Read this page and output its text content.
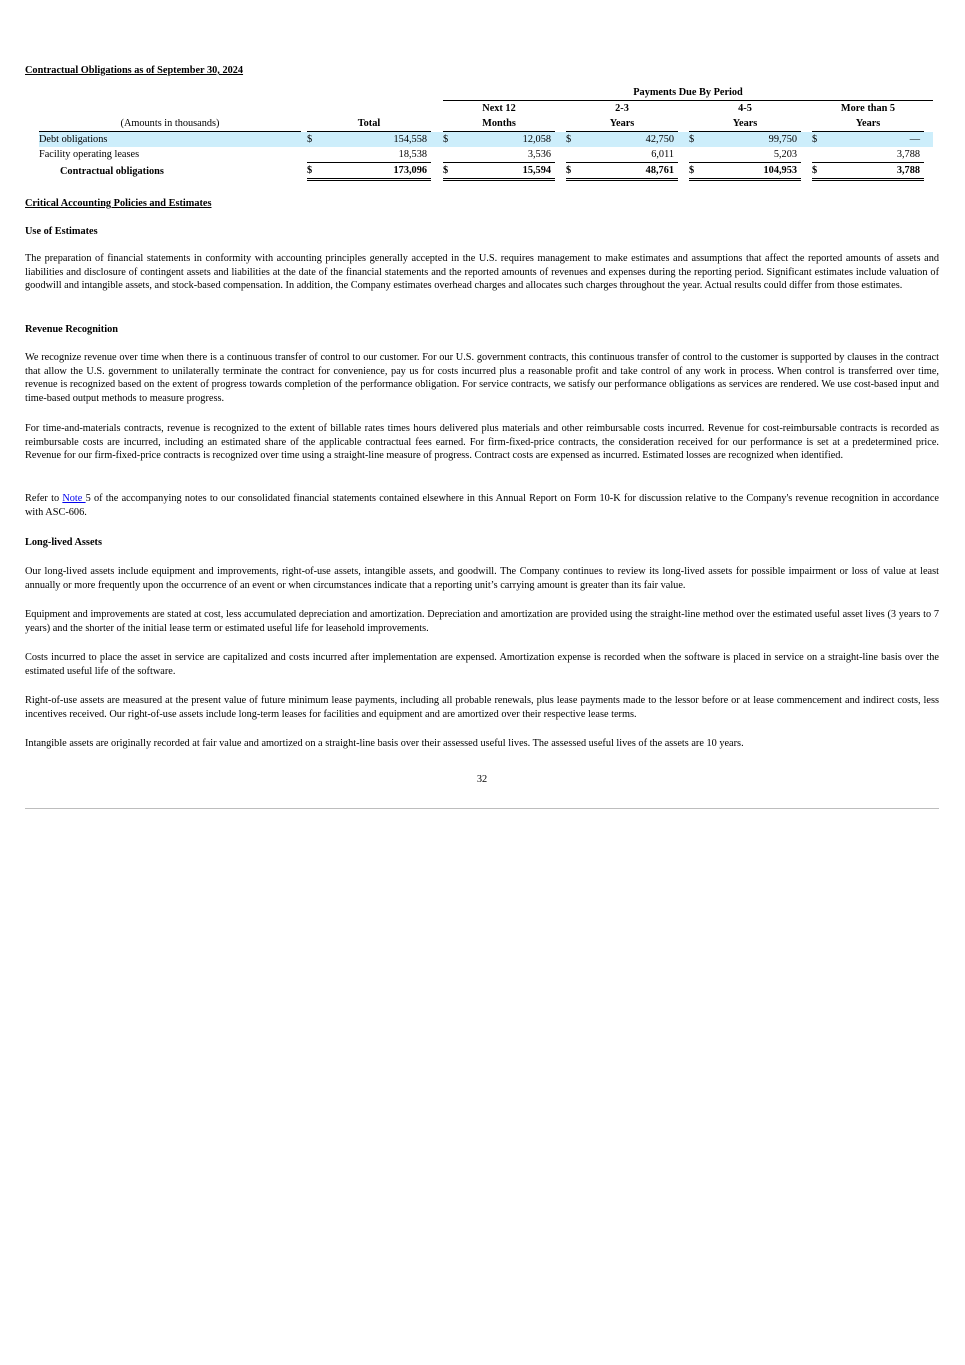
Contractual Obligations as of September 30, 2024
					Payments Due By Period											
					Next 12			2-3			4-5			More than 5		
(Amounts in thousands)		Total			Months			Years			Years			Years		
Debt obligations		$	154,558		$	12,058		$	42,750		$	99,750		$	—	
Facility operating leases			18,538			3,536			6,011			5,203			3,788	
Contractual obligations		$	173,096		$	15,594		$	48,761		$	104,953		$	3,788	
Critical Accounting Policies and Estimates
Use of Estimates

The preparation of financial statements in conformity with accounting principles generally accepted in the U.S. requires management to make estimates and assumptions that affect the reported amounts of assets and liabilities and disclosure of contingent assets and liabilities at the date of the financial statements and the reported amounts of revenues and expenses during the reporting period. Significant estimates include valuation of goodwill and intangible assets, and stock-based compensation. In addition, the Company estimates overhead charges and allocates such charges throughout the year. Actual results could differ from those estimates.

Revenue Recognition

We recognize revenue over time when there is a continuous transfer of control to our customer. For our U.S. government contracts, this continuous transfer of control to the customer is supported by clauses in the contract that allow the U.S. government to unilaterally terminate the contract for convenience, pay us for costs incurred plus a reasonable profit and take control of any work in process. When control is transferred over time, revenue is recognized based on the extent of progress towards completion of the performance obligation. For service contracts, we satisfy our performance obligations as services are rendered. We use cost-based input and time-based output methods to measure progress.

For time-and-materials contracts, revenue is recognized to the extent of billable rates times hours delivered plus materials and other reimbursable costs incurred. Revenue for cost-reimbursable contracts is recorded as reimbursable costs are incurred, including an estimated share of the applicable contractual fees earned. For firm-fixed-price contracts, the consideration received for our performance is set at a predetermined price. Revenue for our firm-fixed-price contracts is recognized over time using a straight-line measure of progress. Contract costs are expensed as incurred. Estimated losses are recognized when identified.

Refer to Note 5 of the accompanying notes to our consolidated financial statements contained elsewhere in this Annual Report on Form 10-K for discussion relative to the Company's revenue recognition in accordance with ASC-606.

Long-lived Assets

Our long-lived assets include equipment and improvements, right-of-use assets, intangible assets, and goodwill. The Company continues to review its long-lived assets for possible impairment or loss of value at least annually or more frequently upon the occurrence of an event or when circumstances indicate that a reporting unit’s carrying amount is greater than its fair value.

Equipment and improvements are stated at cost, less accumulated depreciation and amortization. Depreciation and amortization are provided using the straight-line method over the estimated useful asset lives (3 years to 7 years) and the shorter of the initial lease term or estimated useful life for leasehold improvements.

Costs incurred to place the asset in service are capitalized and costs incurred after implementation are expensed. Amortization expense is recorded when the software is placed in service on a straight-line basis over the estimated useful life of the software.

Right-of-use assets are measured at the present value of future minimum lease payments, including all probable renewals, plus lease payments made to the lessor before or at lease commencement and indirect costs, less incentives received. Our right-of-use assets include long-term leases for facilities and equipment and are amortized over their respective lease terms.

Intangible assets are originally recorded at fair value and amortized on a straight-line basis over their assessed useful lives. The assessed useful lives of the assets are 10 years.

32
